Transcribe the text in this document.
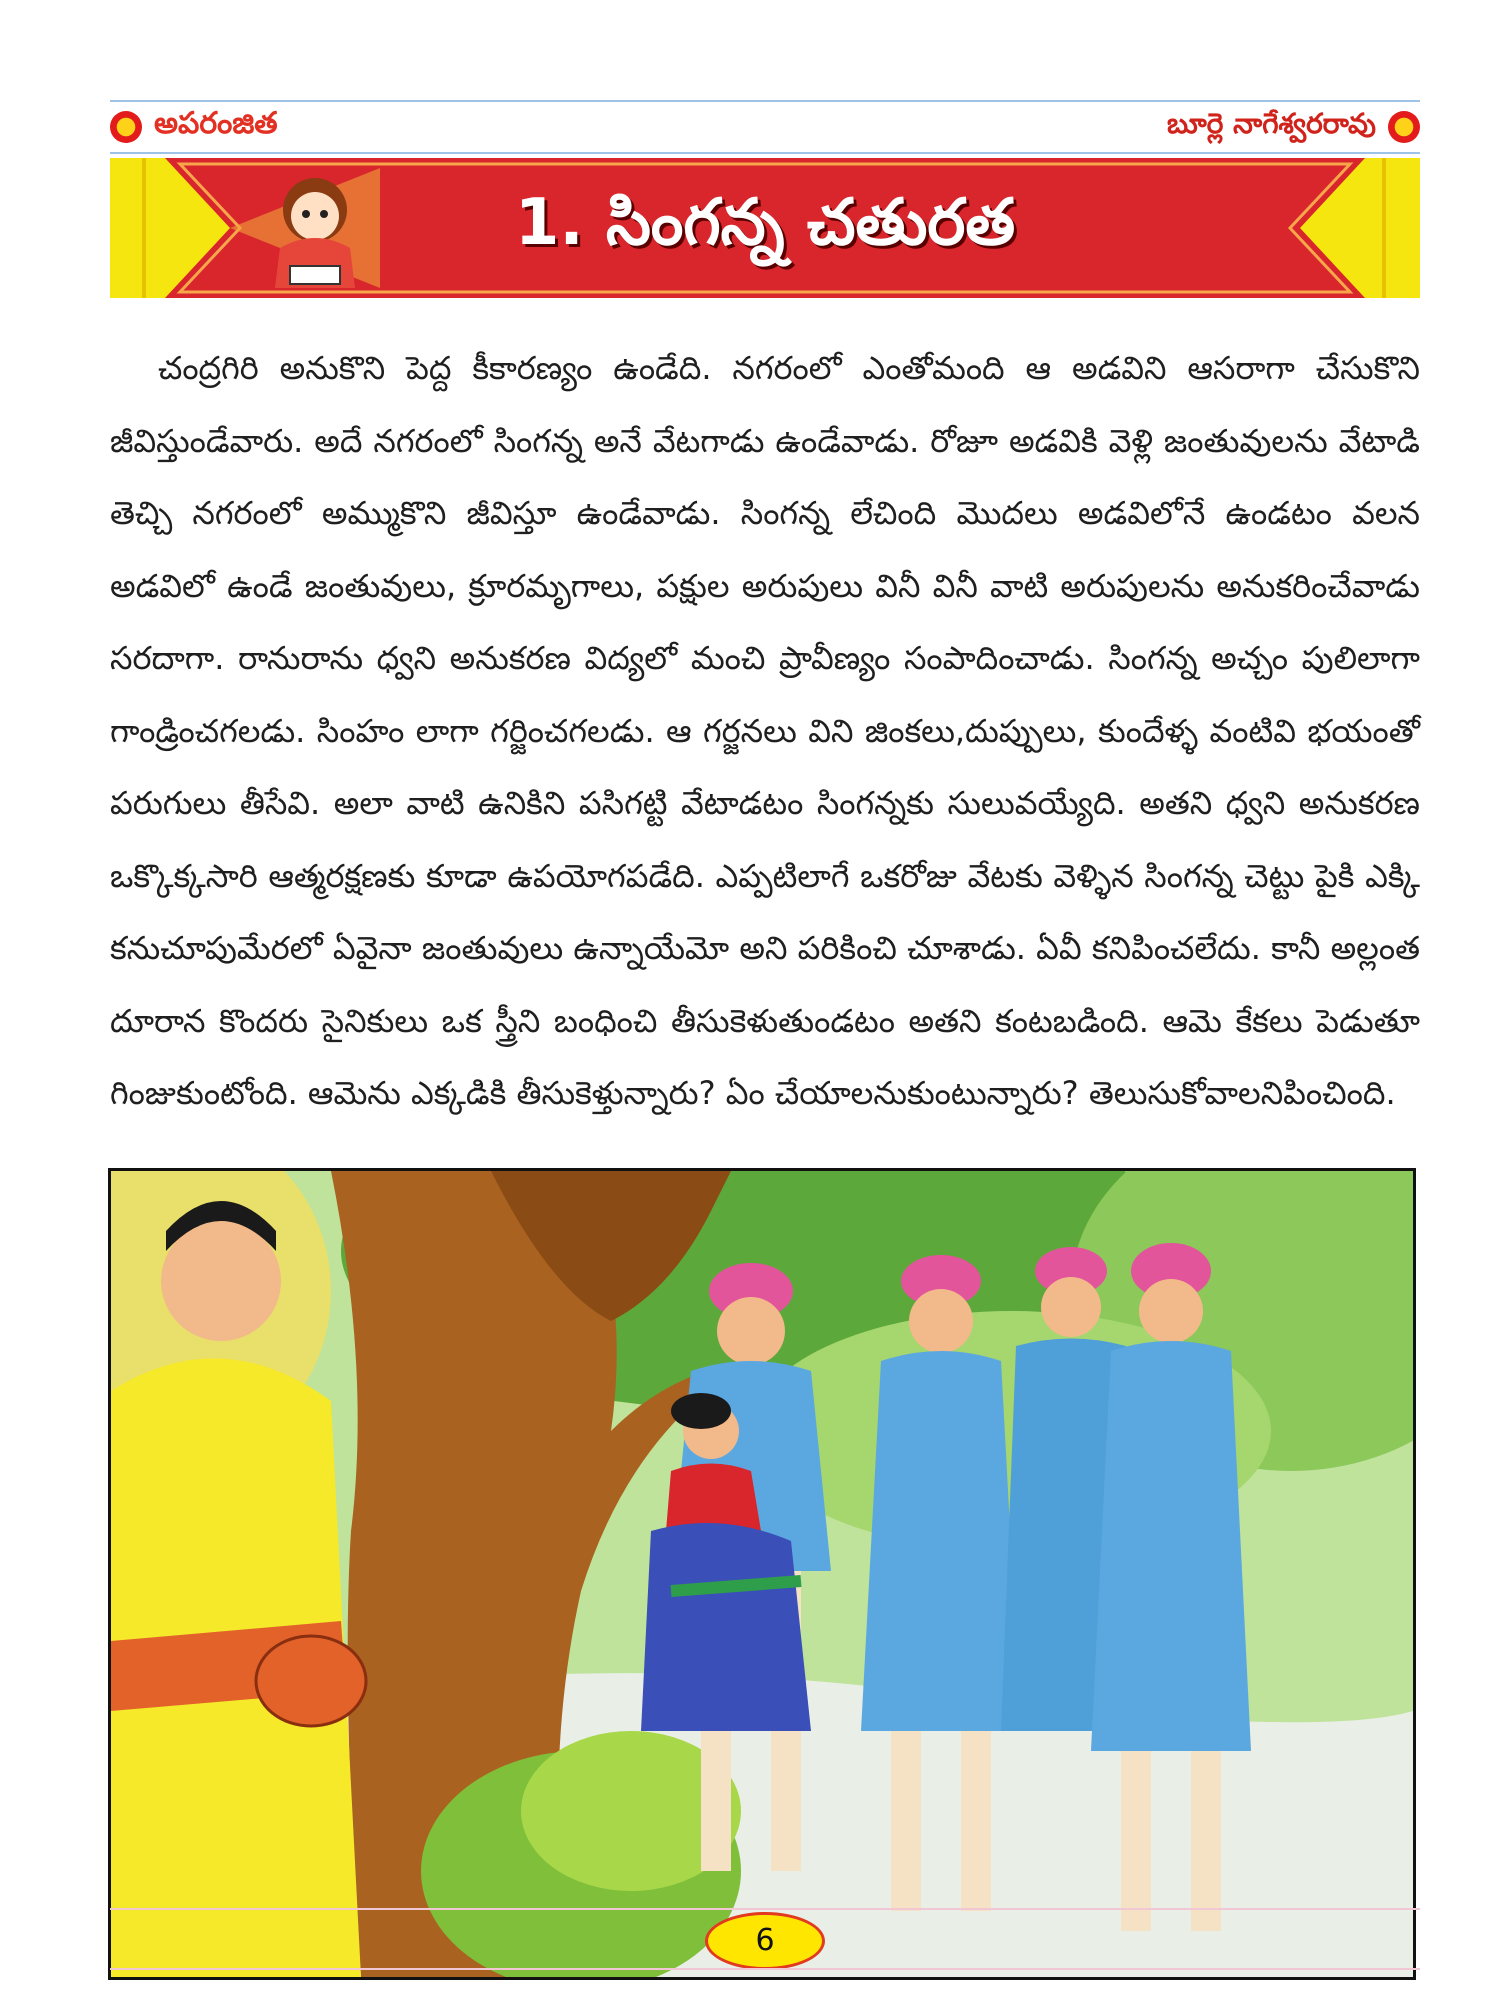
అపరంజిత	బూర్లె నాగేశ్వరరావు
1. సింగన్న చతురత

చంద్రగిరి అనుకొని పెద్ద కీకారణ్యం ఉండేది. నగరంలో ఎంతోమంది ఆ అడవిని ఆసరాగా చేసుకొని జీవిస్తుండేవారు. అదే నగరంలో సింగన్న అనే వేటగాడు ఉండేవాడు. రోజూ అడవికి వెళ్లి జంతువులను వేటాడి తెచ్చి నగరంలో అమ్ముకొని జీవిస్తూ ఉండేవాడు. సింగన్న లేచింది మొదలు అడవిలోనే ఉండటం వలన అడవిలో ఉండే జంతువులు, క్రూరమృగాలు, పక్షుల అరుపులు వినీ వినీ వాటి అరుపులను అనుకరించేవాడు సరదాగా. రానురాను ధ్వని అనుకరణ విద్యలో మంచి ప్రావీణ్యం సంపాదించాడు. సింగన్న అచ్చం పులిలాగా గాండ్రించగలడు. సింహం లాగా గర్జించగలడు. ఆ గర్జనలు విని జింకలు,దుప్పులు, కుందేళ్ళ వంటివి భయంతో పరుగులు తీసేవి. అలా వాటి ఉనికిని పసిగట్టి వేటాడటం సింగన్నకు సులువయ్యేది. అతని ధ్వని అనుకరణ ఒక్కొక్కసారి ఆత్మరక్షణకు కూడా ఉపయోగపడేది. ఎప్పటిలాగే ఒకరోజు వేటకు వెళ్ళిన సింగన్న చెట్టు పైకి ఎక్కి కనుచూపుమేరలో ఏవైనా జంతువులు ఉన్నాయేమో అని పరికించి చూశాడు. ఏవీ కనిపించలేదు. కానీ అల్లంత దూరాన కొందరు సైనికులు ఒక స్త్రీని బంధించి తీసుకెళుతుండటం అతని కంటబడింది. ఆమె కేకలు పెడుతూ గింజుకుంటోంది. ఆమెను ఎక్కడికి తీసుకెళ్తున్నారు? ఏం చేయాలనుకుంటున్నారు? తెలుసుకోవాలనిపించింది.

6
